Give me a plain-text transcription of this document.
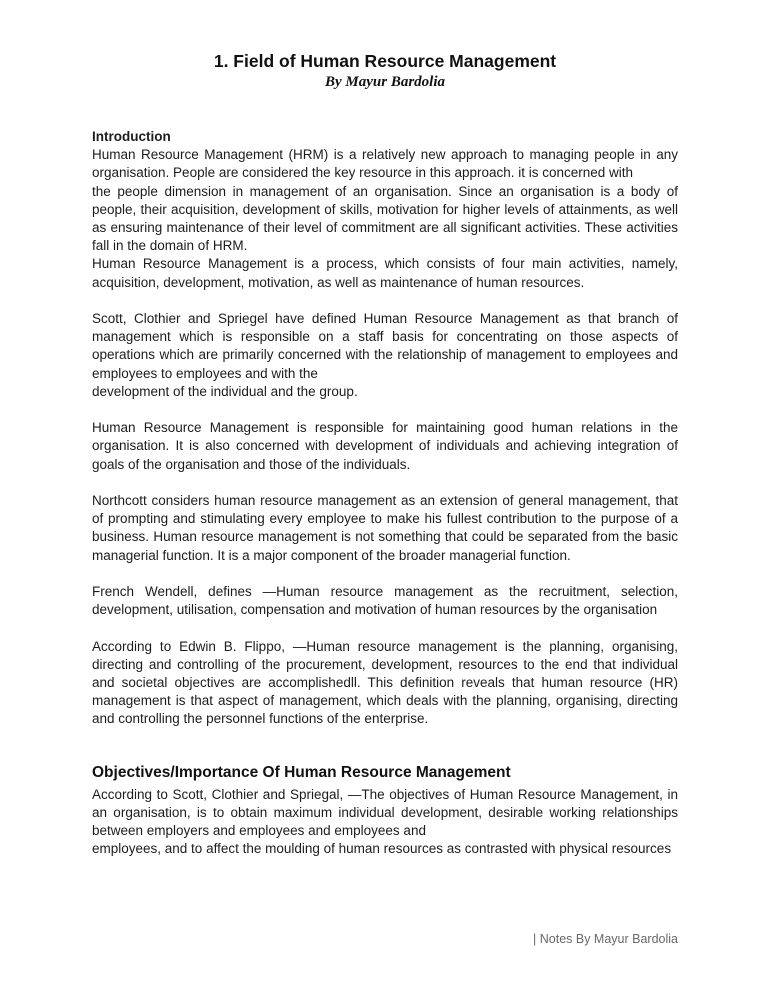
1. Field of Human Resource Management
By Mayur Bardolia
Introduction

Human Resource Management (HRM) is a relatively new approach to managing people in any organisation. People are considered the key resource in this approach. it is concerned with

the people dimension in management of an organisation. Since an organisation is a body of people, their acquisition, development of skills, motivation for higher levels of attainments, as well as ensuring maintenance of their level of commitment are all significant activities. These activities fall in the domain of HRM.

Human Resource Management is a process, which consists of four main activities, namely, acquisition, development, motivation, as well as maintenance of human resources.

Scott, Clothier and Spriegel have defined Human Resource Management as that branch of management which is responsible on a staff basis for concentrating on those aspects of operations which are primarily concerned with the relationship of management to employees and employees to employees and with the

development of the individual and the group.

Human Resource Management is responsible for maintaining good human relations in the organisation. It is also concerned with development of individuals and achieving integration of goals of the organisation and those of the individuals.

Northcott considers human resource management as an extension of general management, that of prompting and stimulating every employee to make his fullest contribution to the purpose of a business. Human resource management is not something that could be separated from the basic managerial function. It is a major component of the broader managerial function.

French Wendell, defines —Human resource management as the recruitment, selection, development, utilisation, compensation and motivation of human resources by the organisation

According to Edwin B. Flippo, —Human resource management is the planning, organising, directing and controlling of the procurement, development, resources to the end that individual and societal objectives are accomplishedll. This definition reveals that human resource (HR) management is that aspect of management, which deals with the planning, organising, directing and controlling the personnel functions of the enterprise.

Objectives/Importance Of Human Resource Management

According to Scott, Clothier and Spriegal, —The objectives of Human Resource Management, in an organisation, is to obtain maximum individual development, desirable working relationships between employers and employees and employees and

employees, and to affect the moulding of human resources as contrasted with physical resources

| Notes By Mayur Bardolia
